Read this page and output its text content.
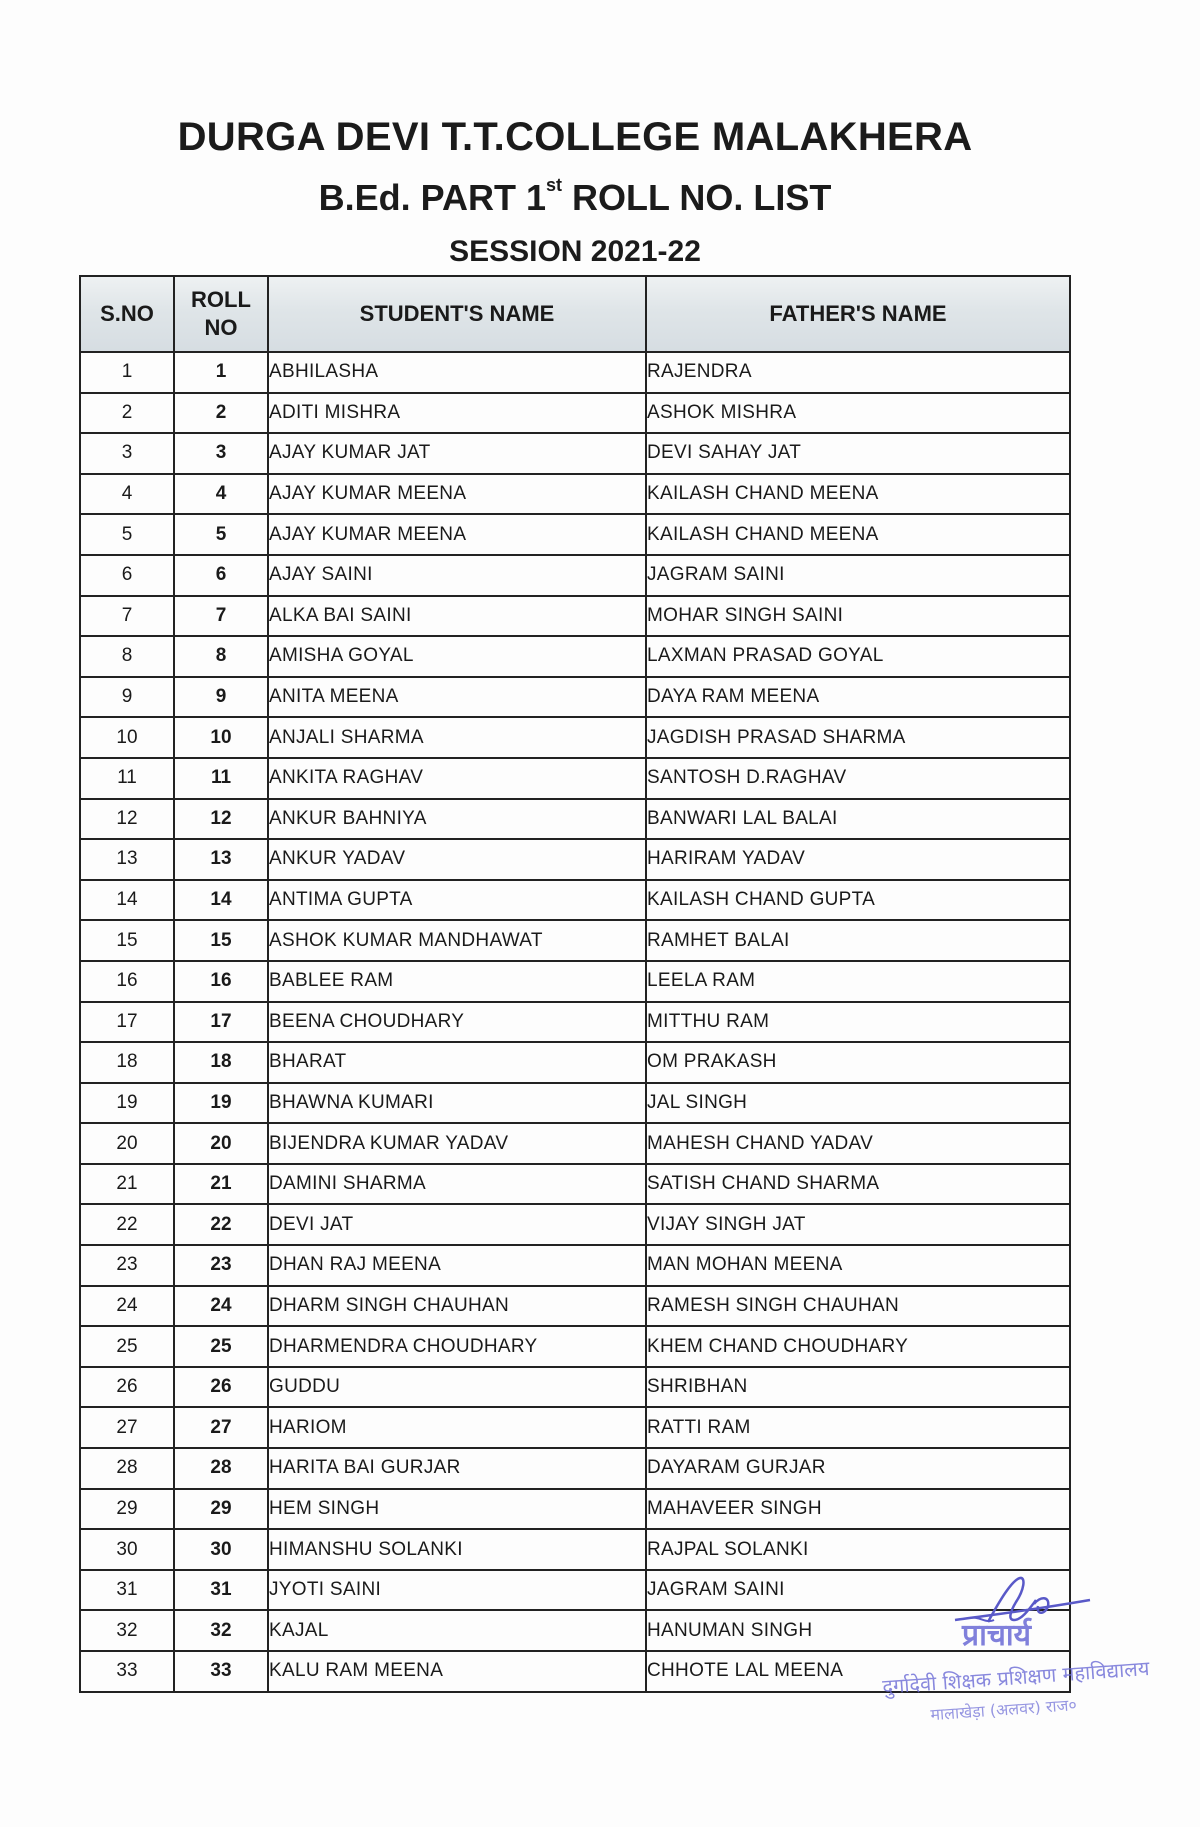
DURGA DEVI T.T.COLLEGE MALAKHERA
B.Ed. PART 1st ROLL NO. LIST
SESSION 2021-22
S.NO	ROLL NO	STUDENT'S NAME	FATHER'S NAME
1	1	ABHILASHA	RAJENDRA
2	2	ADITI MISHRA	ASHOK MISHRA
3	3	AJAY KUMAR JAT	DEVI SAHAY JAT
4	4	AJAY KUMAR MEENA	KAILASH CHAND MEENA
5	5	AJAY KUMAR MEENA	KAILASH CHAND MEENA
6	6	AJAY SAINI	JAGRAM SAINI
7	7	ALKA BAI SAINI	MOHAR SINGH SAINI
8	8	AMISHA GOYAL	LAXMAN PRASAD GOYAL
9	9	ANITA MEENA	DAYA RAM MEENA
10	10	ANJALI SHARMA	JAGDISH PRASAD SHARMA
11	11	ANKITA RAGHAV	SANTOSH D.RAGHAV
12	12	ANKUR BAHNIYA	BANWARI LAL BALAI
13	13	ANKUR YADAV	HARIRAM YADAV
14	14	ANTIMA GUPTA	KAILASH CHAND GUPTA
15	15	ASHOK KUMAR MANDHAWAT	RAMHET BALAI
16	16	BABLEE RAM	LEELA RAM
17	17	BEENA CHOUDHARY	MITTHU RAM
18	18	BHARAT	OM PRAKASH
19	19	BHAWNA KUMARI	JAL SINGH
20	20	BIJENDRA KUMAR YADAV	MAHESH CHAND YADAV
21	21	DAMINI SHARMA	SATISH CHAND SHARMA
22	22	DEVI JAT	VIJAY SINGH JAT
23	23	DHAN RAJ MEENA	MAN MOHAN MEENA
24	24	DHARM SINGH CHAUHAN	RAMESH SINGH CHAUHAN
25	25	DHARMENDRA CHOUDHARY	KHEM CHAND CHOUDHARY
26	26	GUDDU	SHRIBHAN
27	27	HARIOM	RATTI RAM
28	28	HARITA BAI GURJAR	DAYARAM GURJAR
29	29	HEM SINGH	MAHAVEER SINGH
30	30	HIMANSHU SOLANKI	RAJPAL SOLANKI
31	31	JYOTI SAINI	JAGRAM SAINI
32	32	KAJAL	HANUMAN SINGH
33	33	KALU RAM MEENA	CHHOTE LAL MEENA
प्राचार्य
दुर्गादेवी शिक्षक प्रशिक्षण महाविद्यालय
मालाखेड़ा (अलवर) राज०
